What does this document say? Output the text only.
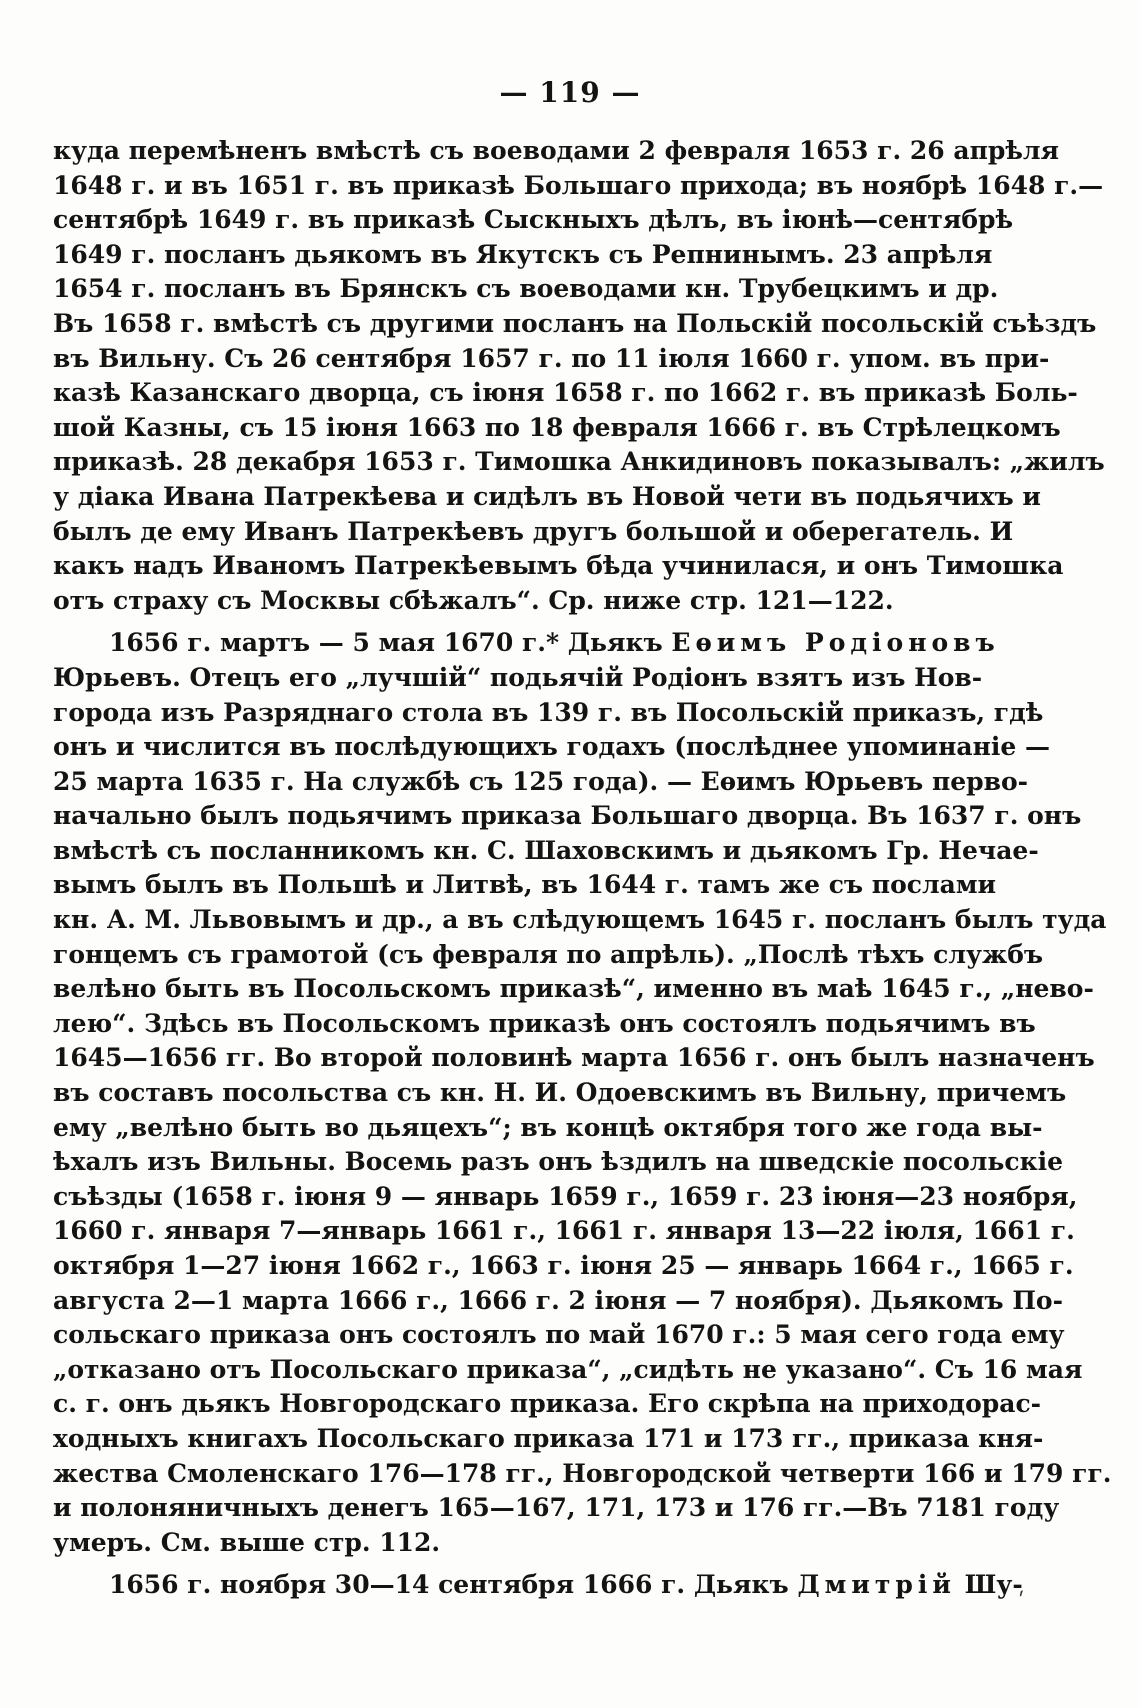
— 119 —
куда перемѣненъ вмѣстѣ съ воеводами 2 февраля 1653 г. 26 апрѣля
1648 г. и въ 1651 г. въ приказѣ Большаго прихода; въ ноябрѣ 1648 г.—
сентябрѣ 1649 г. въ приказѣ Сыскныхъ дѣлъ, въ іюнѣ—сентябрѣ
1649 г. посланъ дьякомъ въ Якутскъ съ Репнинымъ. 23 апрѣля
1654 г. посланъ въ Брянскъ съ воеводами кн. Трубецкимъ и др.
Въ 1658 г. вмѣстѣ съ другими посланъ на Польскій посольскій съѣздъ
въ Вильну. Съ 26 сентября 1657 г. по 11 іюля 1660 г. упом. въ при-
казѣ Казанскаго дворца, съ іюня 1658 г. по 1662 г. въ приказѣ Боль-
шой Казны, съ 15 іюня 1663 по 18 февраля 1666 г. въ Стрѣлецкомъ
приказѣ. 28 декабря 1653 г. Тимошка Анкидиновъ показывалъ: „жилъ
у діака Ивана Патрекѣева и сидѣлъ въ Новой чети въ подьячихъ и
былъ де ему Иванъ Патрекѣевъ другъ большой и оберегатель. И
какъ надъ Иваномъ Патрекѣевымъ бѣда учинилася, и онъ Тимошка
отъ страху съ Москвы сбѣжалъ“. Ср. ниже стр. 121—122.
1656 г. мартъ — 5 мая 1670 г.* Дьякъ Еѳимъ Родіоновъ
Юрьевъ. Отецъ его „лучшій“ подьячій Родіонъ взятъ изъ Нов-
города изъ Разряднаго стола въ 139 г. въ Посольскій приказъ, гдѣ
онъ и числится въ послѣдующихъ годахъ (послѣднее упоминаніе —
25 марта 1635 г. На службѣ съ 125 года). — Еѳимъ Юрьевъ перво-
начально былъ подьячимъ приказа Большаго дворца. Въ 1637 г. онъ
вмѣстѣ съ посланникомъ кн. С. Шаховскимъ и дьякомъ Гр. Нечае-
вымъ былъ въ Польшѣ и Литвѣ, въ 1644 г. тамъ же съ послами
кн. А. М. Львовымъ и др., а въ слѣдующемъ 1645 г. посланъ былъ туда
гонцемъ съ грамотой (съ февраля по апрѣль). „Послѣ тѣхъ службъ
велѣно быть въ Посольскомъ приказѣ“, именно въ маѣ 1645 г., „нево-
лею“. Здѣсь въ Посольскомъ приказѣ онъ состоялъ подьячимъ въ
1645—1656 гг. Во второй половинѣ марта 1656 г. онъ былъ назначенъ
въ составъ посольства съ кн. Н. И. Одоевскимъ въ Вильну, причемъ
ему „велѣно быть во дьяцехъ“; въ концѣ октября того же года вы-
ѣхалъ изъ Вильны. Восемь разъ онъ ѣздилъ на шведскіе посольскіе
съѣзды (1658 г. іюня 9 — январь 1659 г., 1659 г. 23 іюня—23 ноября,
1660 г. января 7—январь 1661 г., 1661 г. января 13—22 іюля, 1661 г.
октября 1—27 іюня 1662 г., 1663 г. іюня 25 — январь 1664 г., 1665 г.
августа 2—1 марта 1666 г., 1666 г. 2 іюня — 7 ноября). Дьякомъ По-
сольскаго приказа онъ состоялъ по май 1670 г.: 5 мая сего года ему
„отказано отъ Посольскаго приказа“, „сидѣть не указано“. Съ 16 мая
с. г. онъ дьякъ Новгородскаго приказа. Его скрѣпа на приходорас-
ходныхъ книгахъ Посольскаго приказа 171 и 173 гг., приказа кня-
жества Смоленскаго 176—178 гг., Новгородской четверти 166 и 179 гг.
и полоняничныхъ денегъ 165—167, 171, 173 и 176 гг.—Въ 7181 году
умеръ. См. выше стр. 112.
1656 г. ноября 30—14 сентября 1666 г. Дьякъ Дмитрій Шу-
ˊ
